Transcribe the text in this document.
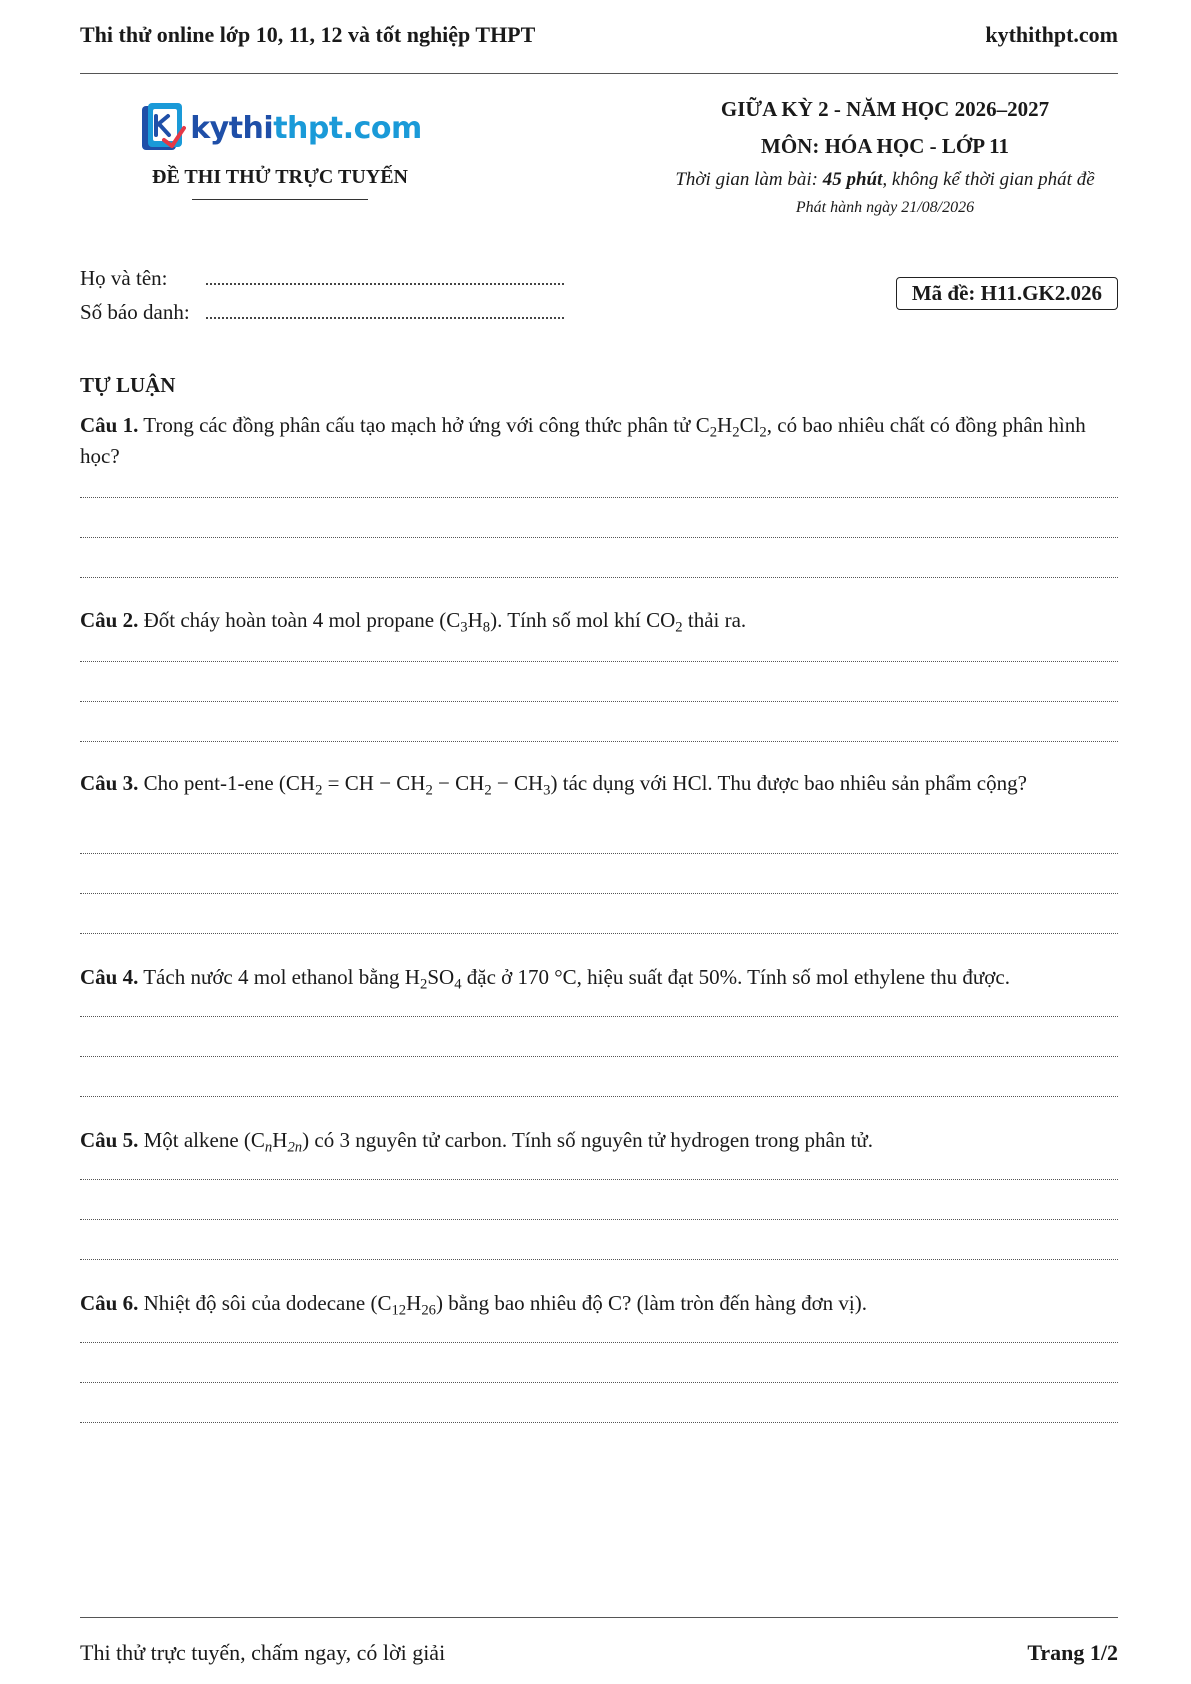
Thi thử online lớp 10, 11, 12 và tốt nghiệp THPT	kythithpt.com
kythithpt.com
ĐỀ THI THỬ TRỰC TUYẾN
GIỮA KỲ 2 - NĂM HỌC 2026–2027
MÔN: HÓA HỌC - LỚP 11
Thời gian làm bài: 45 phút, không kể thời gian phát đề
Phát hành ngày 21/08/2026
Họ và tên:
Số báo danh:
Mã đề: H11.GK2.026
TỰ LUẬN
Câu 1. Trong các đồng phân cấu tạo mạch hở ứng với công thức phân tử $C_2H_2Cl_2$, có bao nhiêu chất có đồng phân hình học?
Câu 2. Đốt cháy hoàn toàn 4 mol propane $(C_3H_8)$. Tính số mol khí $CO_2$ thải ra.
Câu 3. Cho pent-1-ene ($CH_2$ = CH − $CH_2 - CH_2 - CH_3$) tác dụng với HCl. Thu được bao nhiêu sản phẩm cộng?
Câu 4. Tách nước 4 mol ethanol bằng $H_2SO_4$ đặc ở 170 °C, hiệu suất đạt 50%. Tính số mol ethylene thu được.
Câu 5. Một alkene $(C_nH_{2n})$ có 3 nguyên tử carbon. Tính số nguyên tử hydrogen trong phân tử.
Câu 6. Nhiệt độ sôi của dodecane $(C_{12}H_{26})$ bằng bao nhiêu độ C? (làm tròn đến hàng đơn vị).
Thi thử trực tuyến, chấm ngay, có lời giải	Trang 1/2
